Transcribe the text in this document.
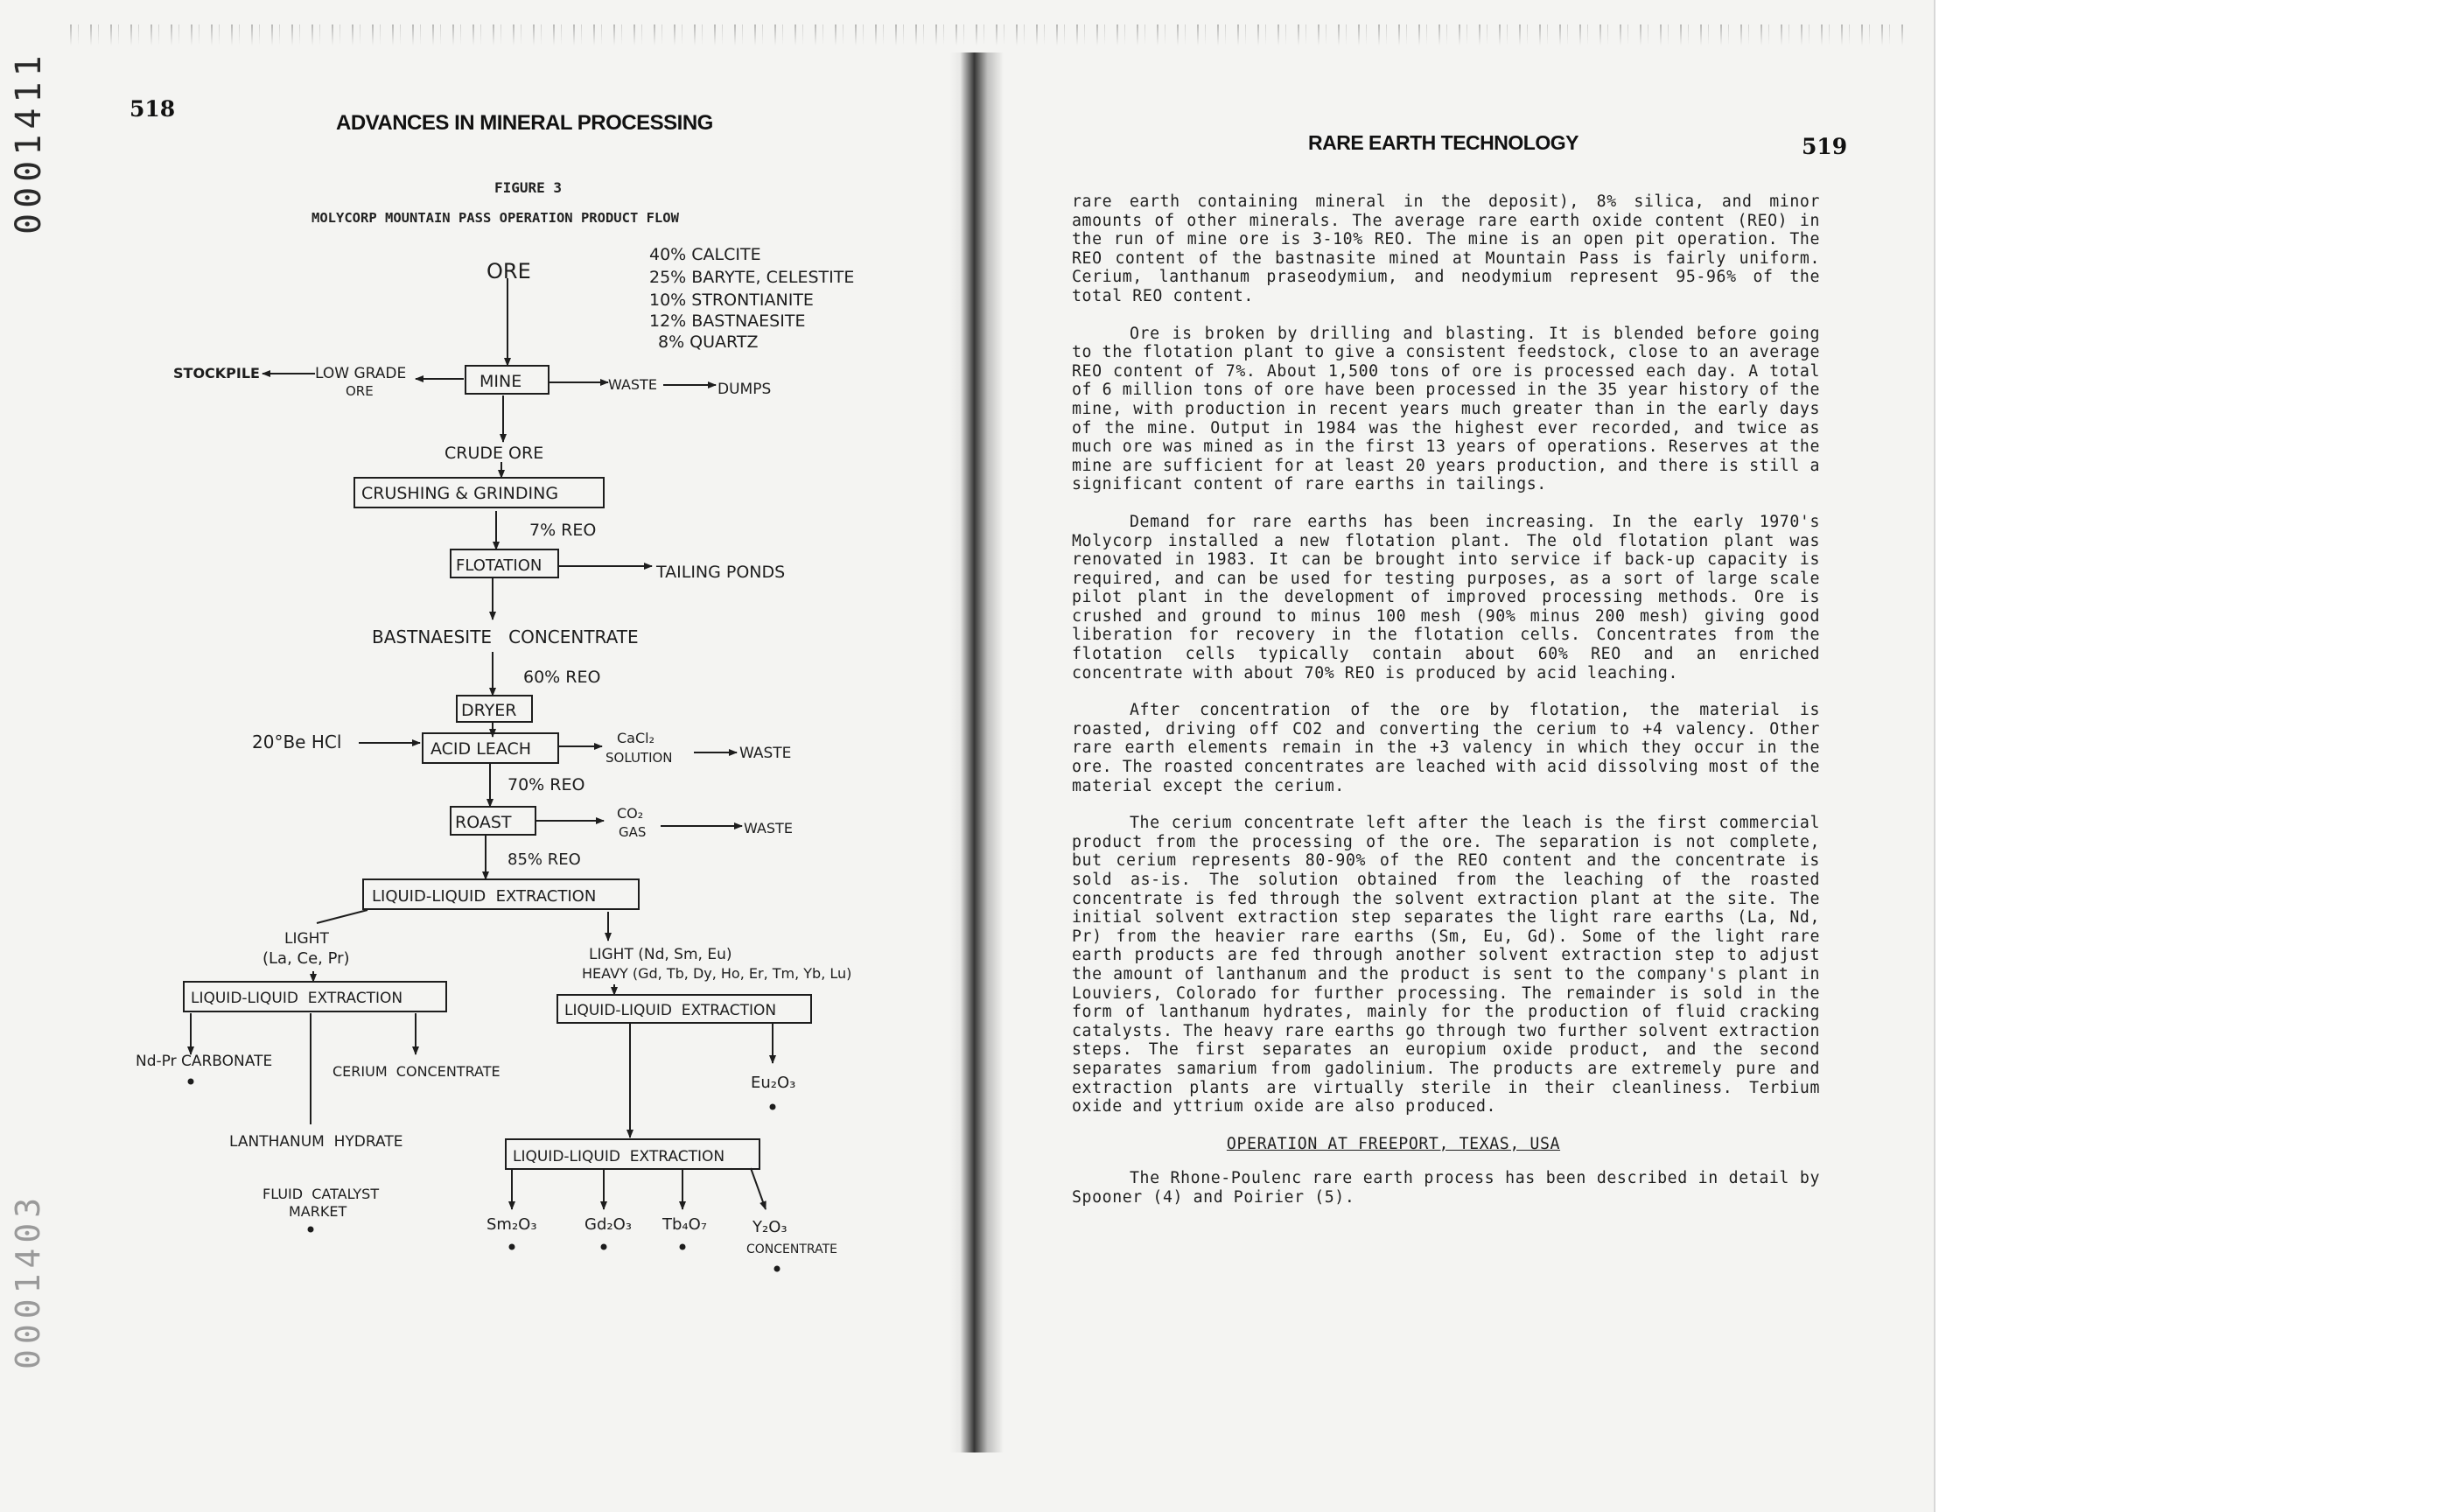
0001411
0001403
518
ADVANCES IN MINERAL PROCESSING
FIGURE 3
MOLYCORP MOUNTAIN PASS OPERATION PRODUCT FLOW
ORE
40% CALCITE
25% BARYTE, CELESTITE
10% STRONTIANITE
12% BASTNAESITE
8% QUARTZ
STOCKPILE	LOW GRADE
ORE	MINE	WASTE	DUMPS
CRUDE ORE
CRUSHING & GRINDING
7% REO
FLOTATION	TAILING PONDS
BASTNAESITE   CONCENTRATE
60% REO
DRYER
20°Be HCl	ACID LEACH
CaCl₂
SOLUTION	WASTE
70% REO
ROAST	CO₂
GAS	WASTE
85% REO
LIQUID-LIQUID  EXTRACTION
LIGHT
(La, Ce, Pr)	LIGHT (Nd, Sm, Eu)
HEAVY (Gd, Tb, Dy, Ho, Er, Tm, Yb, Lu)
LIQUID-LIQUID  EXTRACTION
LIQUID-LIQUID  EXTRACTION
Nd-Pr CARBONATE
CERIUM  CONCENTRATE
Eu₂O₃
LANTHANUM  HYDRATE
LIQUID-LIQUID  EXTRACTION
FLUID  CATALYST
MARKET
Sm₂O₃	Gd₂O₃ Tb₄O₇	Y₂O₃
CONCENTRATE
RARE EARTH TECHNOLOGY	519

rare earth containing mineral in the deposit), 8% silica, and minor amounts of other minerals. The average rare earth oxide content (REO) in the run of mine ore is 3-10% REO. The mine is an open pit operation. The REO content of the bastnasite mined at Mountain Pass is fairly uniform. Cerium, lanthanum praseodymium, and neodymium represent 95-96% of the total REO content.

Ore is broken by drilling and blasting. It is blended before going to the flotation plant to give a consistent feedstock, close to an average REO content of 7%. About 1,500 tons of ore is processed each day. A total of 6 million tons of ore have been processed in the 35 year history of the mine, with production in recent years much greater than in the early days of the mine. Output in 1984 was the highest ever recorded, and twice as much ore was mined as in the first 13 years of operations. Reserves at the mine are sufficient for at least 20 years production, and there is still a significant content of rare earths in tailings.

Demand for rare earths has been increasing. In the early 1970's Molycorp installed a new flotation plant. The old flotation plant was renovated in 1983. It can be brought into service if back-up capacity is required, and can be used for testing purposes, as a sort of large scale pilot plant in the development of improved processing methods. Ore is crushed and ground to minus 100 mesh (90% minus 200 mesh) giving good liberation for recovery in the flotation cells. Concentrates from the flotation cells typically contain about 60% REO and an enriched concentrate with about 70% REO is produced by acid leaching.

After concentration of the ore by flotation, the material is roasted, driving off CO2 and converting the cerium to +4 valency. Other rare earth elements remain in the +3 valency in which they occur in the ore. The roasted concentrates are leached with acid dissolving most of the material except the cerium.

The cerium concentrate left after the leach is the first commercial product from the processing of the ore. The separation is not complete, but cerium represents 80-90% of the REO content and the concentrate is sold as-is. The solution obtained from the leaching of the roasted concentrate is fed through the solvent extraction plant at the site. The initial solvent extraction step separates the light rare earths (La, Nd, Pr) from the heavier rare earths (Sm, Eu, Gd). Some of the light rare earth products are fed through another solvent extraction step to adjust the amount of lanthanum and the product is sent to the company's plant in Louviers, Colorado for further processing. The remainder is sold in the form of lanthanum hydrates, mainly for the production of fluid cracking catalysts. The heavy rare earths go through two further solvent extraction steps. The first separates an europium oxide product, and the second separates samarium from gadolinium. The products are extremely pure and extraction plants are virtually sterile in their cleanliness. Terbium oxide and yttrium oxide are also produced.

OPERATION AT FREEPORT, TEXAS, USA

The Rhone-Poulenc rare earth process has been described in detail by Spooner (4) and Poirier (5).
